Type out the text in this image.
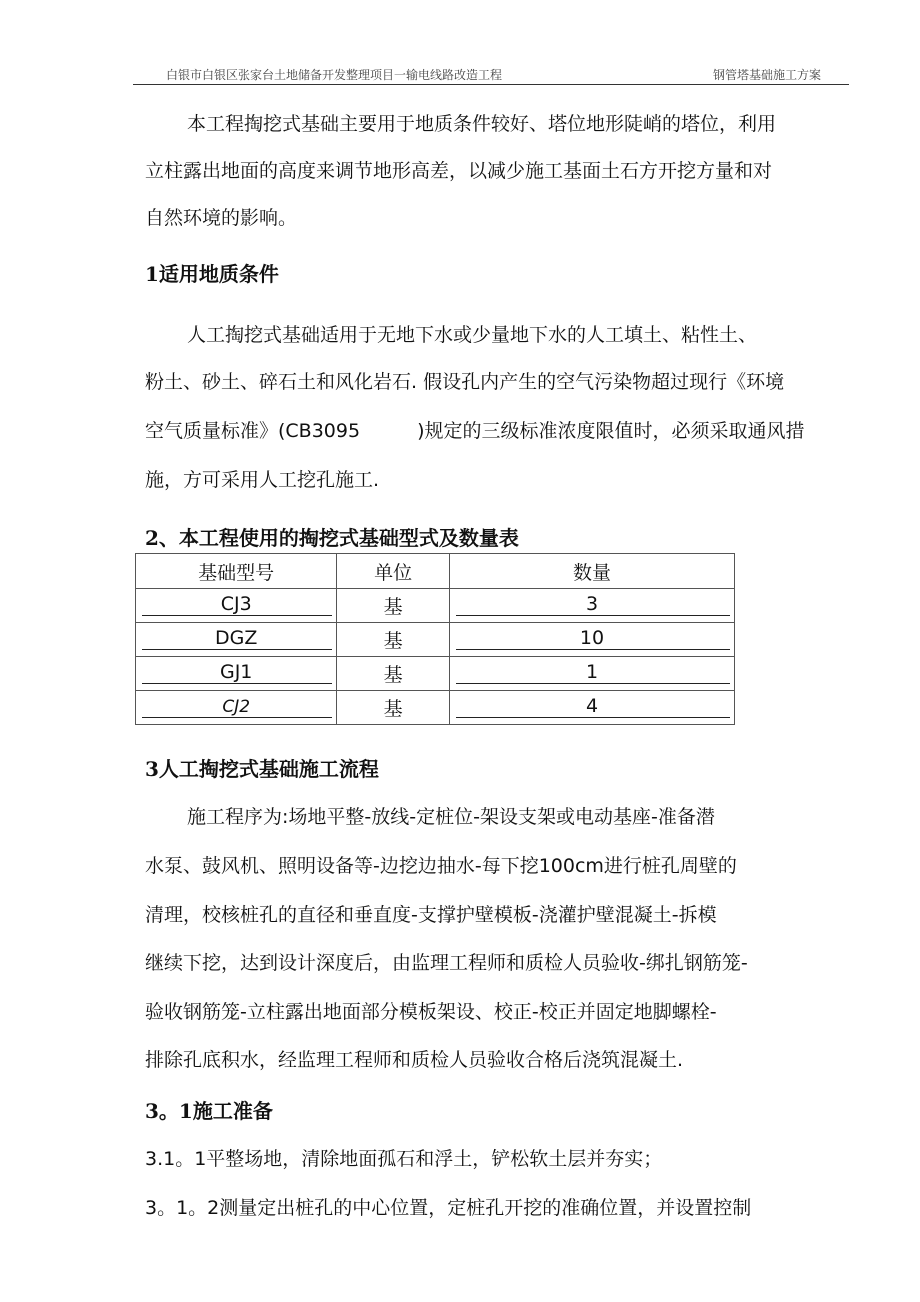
白银市白银区张家台土地储备开发整理项目一输电线路改造工程	钢管塔基础施工方案
本工程掏挖式基础主要用于地质条件较好、塔位地形陡峭的塔位，利用
立柱露出地面的高度来调节地形高差，以减少施工基面土石方开挖方量和对
自然环境的影响。
1适用地质条件
人工掏挖式基础适用于无地下水或少量地下水的人工填土、粘性土、
粉土、砂土、碎石土和风化岩石. 假设孔内产生的空气污染物超过现行《环境
空气质量标准》(CB3095　　　)规定的三级标准浓度限值时，必须采取通风措
施，方可采用人工挖孔施工.
2、本工程使用的掏挖式基础型式及数量表
基础型号	单位	数量

CJ3	基	3

DGZ	基	10

GJ1	基	1

CJ2	基	4
3人工掏挖式基础施工流程
施工程序为:场地平整-放线-定桩位-架设支架或电动基座-准备潜
水泵、鼓风机、照明设备等-边挖边抽水-每下挖100cm进行桩孔周壁的
清理，校核桩孔的直径和垂直度-支撑护壁模板-浇灌护壁混凝土-拆模
继续下挖，达到设计深度后，由监理工程师和质检人员验收-绑扎钢筋笼-
验收钢筋笼-立柱露出地面部分模板架设、校正-校正并固定地脚螺栓-
排除孔底积水，经监理工程师和质检人员验收合格后浇筑混凝土.
3。1施工准备
3.1。1平整场地，清除地面孤石和浮土，铲松软土层并夯实；
3。1。2测量定出桩孔的中心位置，定桩孔开挖的准确位置，并设置控制
